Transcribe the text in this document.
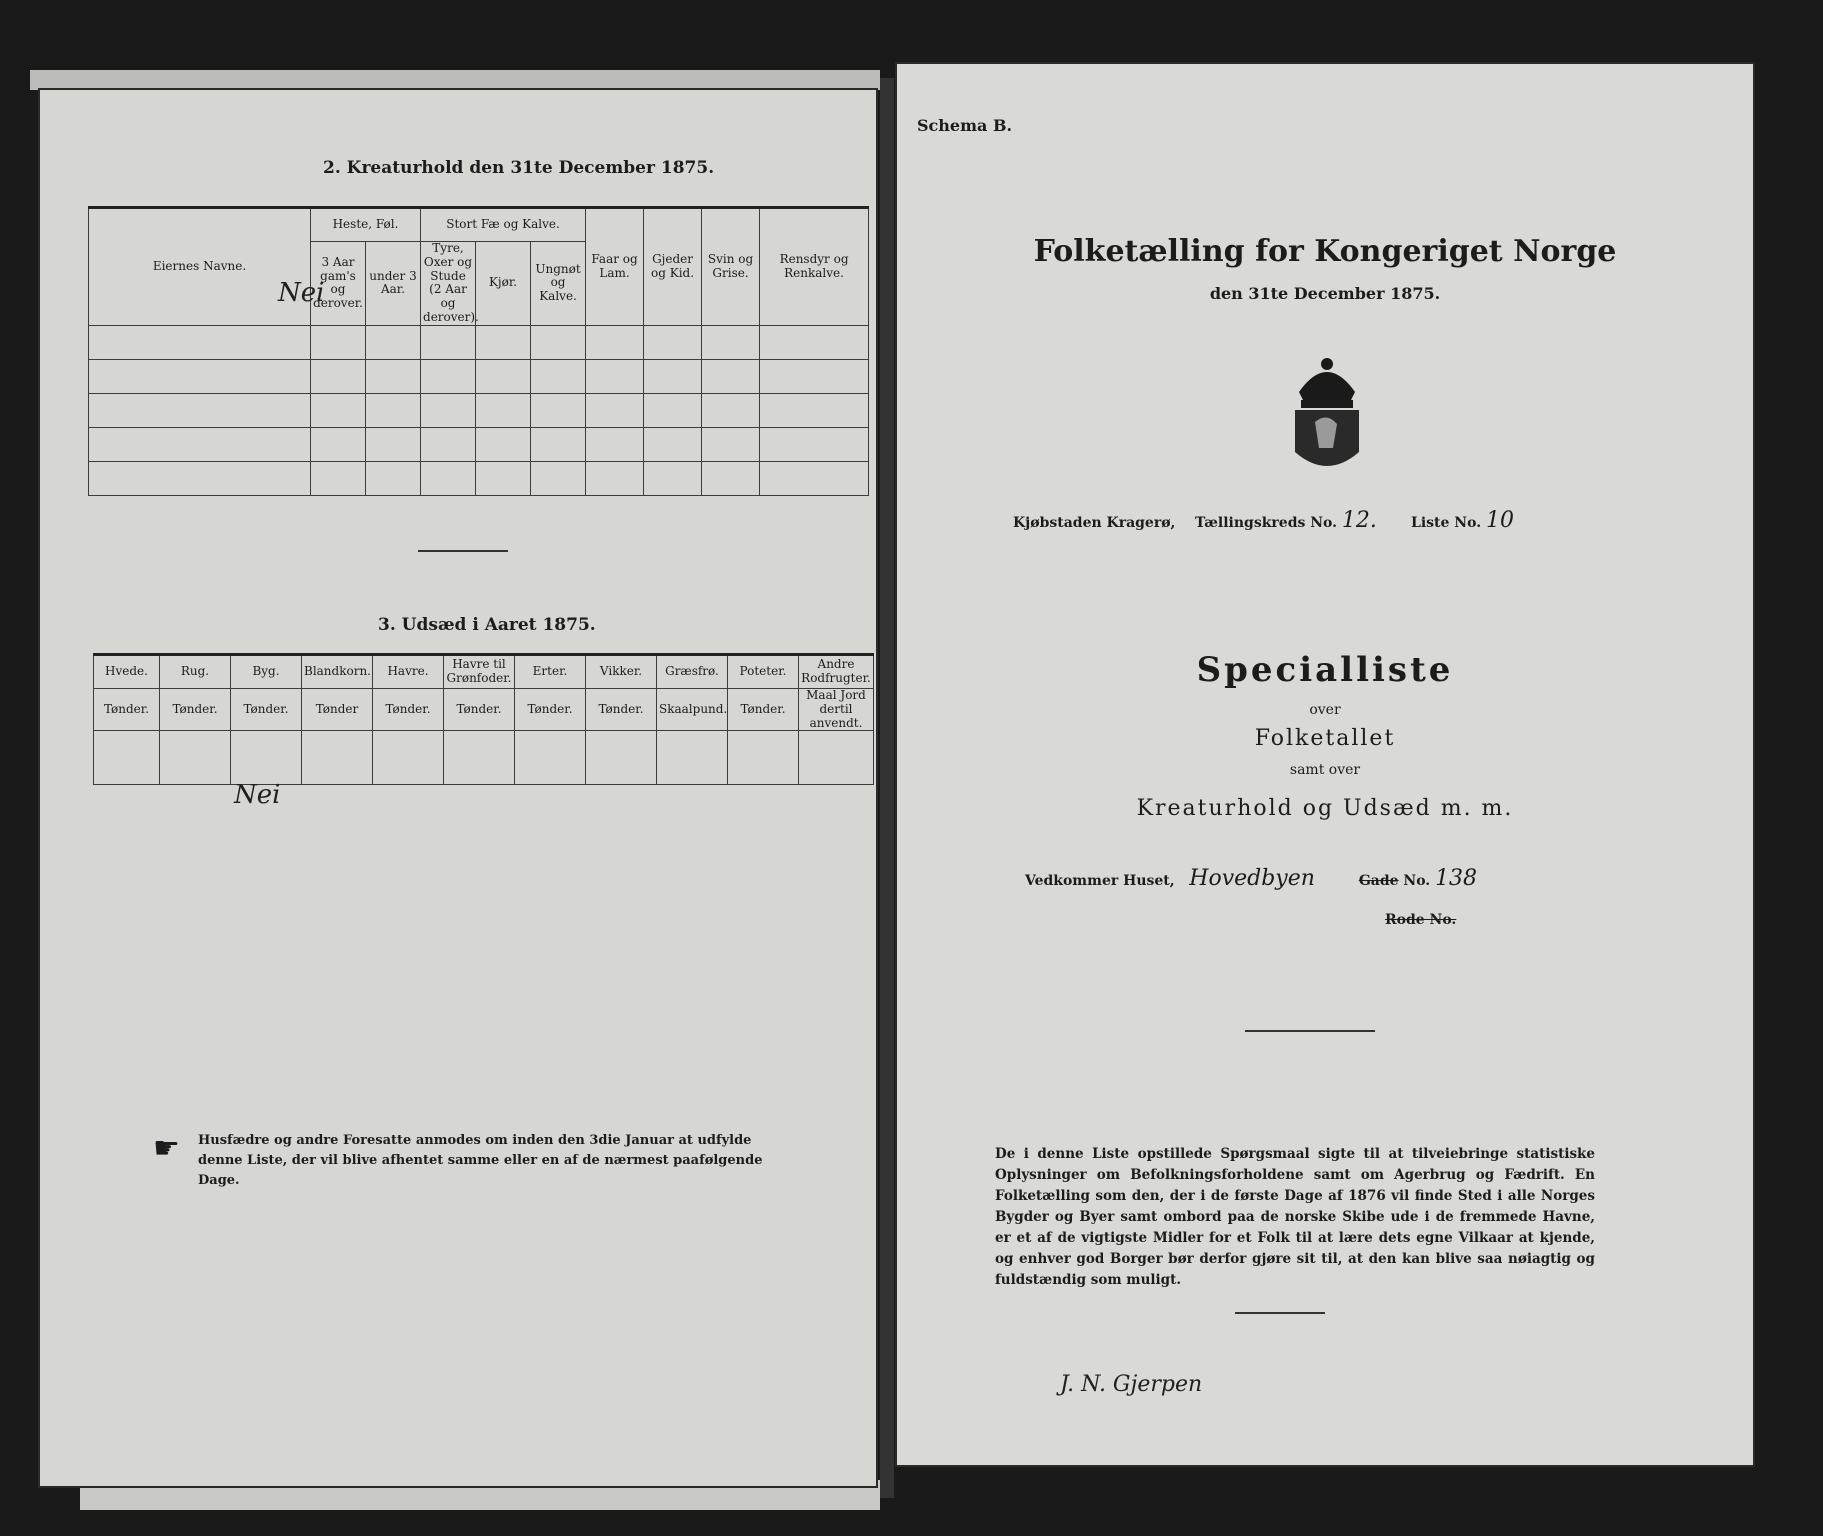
2. Kreaturhold den 31te December 1875.
Eiernes Navne.	Heste, Føl.		Stort Fæ og Kalve.			Faar og Lam.	Gjeder og Kid.	Svin og Grise.	Rensdyr og Renkalve.
	3 Aar gam's og derover.	under 3 Aar.	Tyre, Oxer og Stude (2 Aar og derover).	Kjør.	Ungnøt og Kalve.				

Nei
3. Udsæd i Aaret 1875.
Hvede.	Rug.	Byg.	Blandkorn.	Havre.	Havre til Grønfoder.	Erter.	Vikker.	Græsfrø.	Poteter.	Andre Rodfrugter.
Tønder.	Tønder.	Tønder.	Tønder	Tønder.	Tønder.	Tønder.	Tønder.	Skaalpund.	Tønder.	Maal Jord dertil anvendt.

Nei
☛ Husfædre og andre Foresatte anmodes om inden den 3die Januar at udfylde denne Liste, der vil blive afhentet samme eller en af de nærmest paafølgende Dage.
Schema B.
Folketælling for Kongeriget Norge
den 31te December 1875.
Kjøbstaden Kragerø, Tællingskreds No. 12. Liste No. 10
Specialliste
over
Folketallet
samt over
Kreaturhold og Udsæd m. m.
Vedkommer Huset, Hovedbyen	Gade No. 138
Rode No.
De i denne Liste opstillede Spørgsmaal sigte til at tilveiebringe statistiske Oplysninger om Befolkningsforholdene samt om Agerbrug og Fædrift. En Folketælling som den, der i de første Dage af 1876 vil finde Sted i alle Norges Bygder og Byer samt ombord paa de norske Skibe ude i de fremmede Havne, er et af de vigtigste Midler for et Folk til at lære dets egne Vilkaar at kjende, og enhver god Borger bør derfor gjøre sit til, at den kan blive saa nøiagtig og fuldstændig som muligt.
J. N. Gjerpen
